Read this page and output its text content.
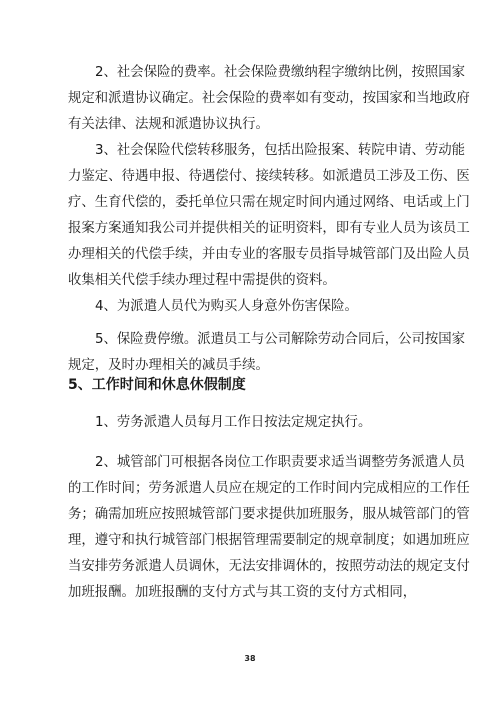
2、社会保险的费率。社会保险费缴纳程字缴纳比例，按照国家
规定和派遣协议确定。社会保险的费率如有变动，按国家和当地政府
有关法律、法规和派遣协议执行。

3、社会保险代偿转移服务，包括出险报案、转院申请、劳动能
力鉴定、待遇申报、待遇偿付、接续转移。如派遣员工涉及工伤、医
疗、生育代偿的，委托单位只需在规定时间内通过网络、电话或上门
报案方案通知我公司并提供相关的证明资料，即有专业人员为该员工
办理相关的代偿手续，并由专业的客服专员指导城管部门及出险人员
收集相关代偿手续办理过程中需提供的资料。

4、为派遣人员代为购买人身意外伤害保险。

5、保险费停缴。派遣员工与公司解除劳动合同后，公司按国家
规定，及时办理相关的减员手续。

5、工作时间和休息休假制度

1、劳务派遣人员每月工作日按法定规定执行。

2、城管部门可根据各岗位工作职责要求适当调整劳务派遣人员
的工作时间；劳务派遣人员应在规定的工作时间内完成相应的工作任
务；确需加班应按照城管部门要求提供加班服务，服从城管部门的管
理，遵守和执行城管部门根据管理需要制定的规章制度；如遇加班应
当安排劳务派遣人员调休，无法安排调休的，按照劳动法的规定支付
加班报酬。加班报酬的支付方式与其工资的支付方式相同，

38
